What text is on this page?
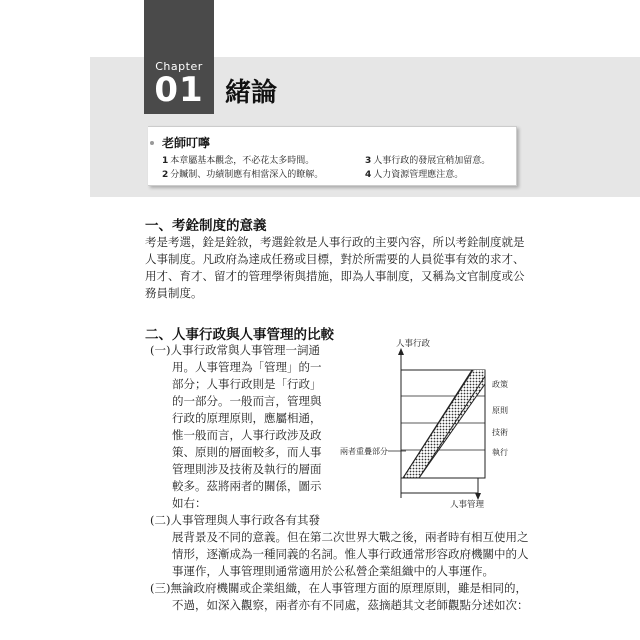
Chapter
01 緒論
老師叮嚀
1 本章屬基本觀念，不必花太多時間。
2 分贓制、功績制應有相當深入的瞭解。
3 人事行政的發展宜稍加留意。
4 人力資源管理應注意。
一、考銓制度的意義
考是考選，銓是銓敘，考選銓敘是人事行政的主要內容，所以考銓制度就是
人事制度。凡政府為達成任務或目標，對於所需要的人員從事有效的求才、
用才、育才、留才的管理學術與措施，即為人事制度，又稱為文官制度或公
務員制度。
二、人事行政與人事管理的比較
(一)人事行政常與人事管理一詞通
用。人事管理為「管理」的一
部分；人事行政則是「行政」
的一部分。一般而言，管理與
行政的原理原則，應屬相通，
惟一般而言，人事行政涉及政
策、原則的層面較多，而人事
管理則涉及技術及執行的層面
較多。茲將兩者的關係，圖示
如右：
(二)人事管理與人事行政各有其發
展背景及不同的意義。但在第二次世界大戰之後，兩者時有相互使用之
情形，逐漸成為一種同義的名詞。惟人事行政通常形容政府機關中的人
事運作，人事管理則通常適用於公私營企業組織中的人事運作。
(三)無論政府機關或企業組織，在人事管理方面的原理原則，雖是相同的，
不過，如深入觀察，兩者亦有不同處，茲摘趙其文老師觀點分述如次：
人事行政
人事管理
兩者重疊部分
政策
原則
技術
執行
